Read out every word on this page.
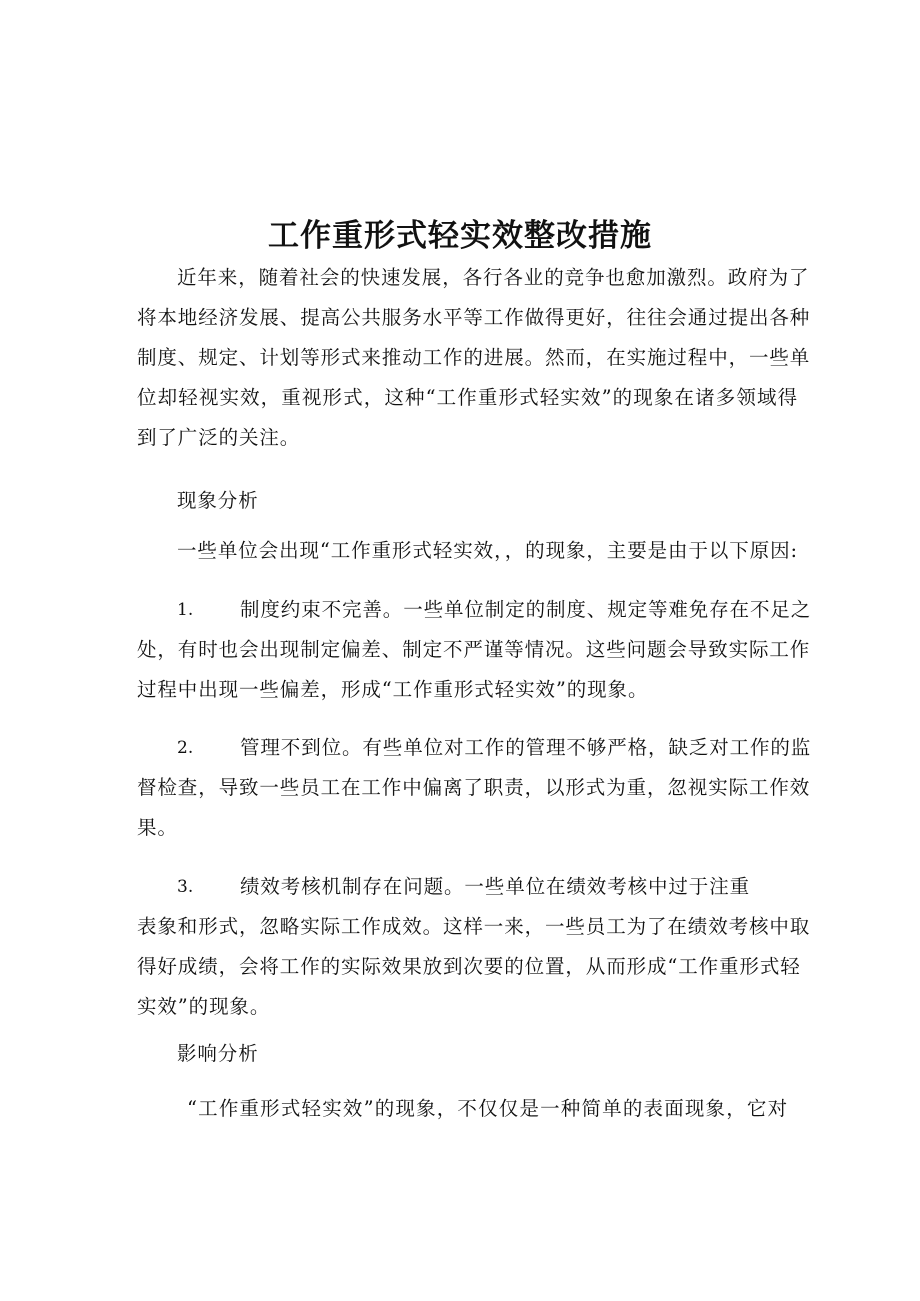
工作重形式轻实效整改措施
近年来，随着社会的快速发展，各行各业的竞争也愈加激烈。政府为了
将本地经济发展、提高公共服务水平等工作做得更好，往往会通过提出各种
制度、规定、计划等形式来推动工作的进展。然而，在实施过程中，一些单
位却轻视实效，重视形式，这种“工作重形式轻实效”的现象在诸多领域得
到了广泛的关注。
现象分析
一些单位会出现“工作重形式轻实效，，的现象，主要是由于以下原因:
1. 制度约束不完善。一些单位制定的制度、规定等难免存在不足之
处，有时也会出现制定偏差、制定不严谨等情况。这些问题会导致实际工作
过程中出现一些偏差，形成“工作重形式轻实效”的现象。
2. 管理不到位。有些单位对工作的管理不够严格，缺乏对工作的监
督检查，导致一些员工在工作中偏离了职责，以形式为重，忽视实际工作效
果。
3. 绩效考核机制存在问题。一些单位在绩效考核中过于注重
表象和形式，忽略实际工作成效。这样一来，一些员工为了在绩效考核中取
得好成绩，会将工作的实际效果放到次要的位置，从而形成“工作重形式轻
实效”的现象。
影响分析
“工作重形式轻实效”的现象，不仅仅是一种简单的表面现象，它对
